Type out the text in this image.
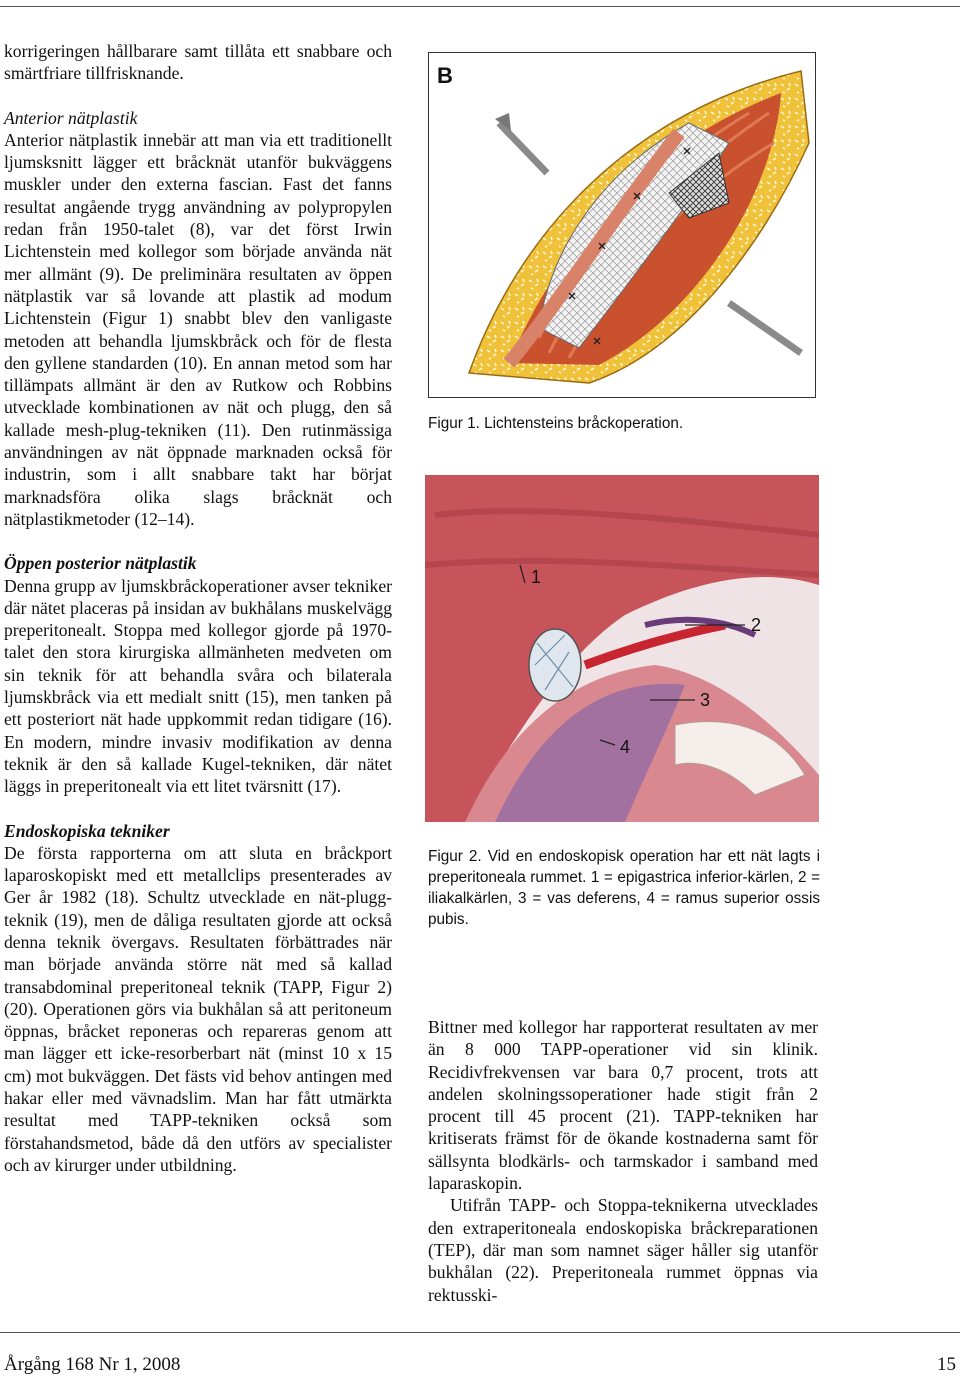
korrigeringen hållbarare samt tillåta ett snabbare och smärtfriare tillfrisknande.

Anterior nätplastik

Anterior nätplastik innebär att man via ett traditionellt ljumsksnitt lägger ett bråcknät utanför bukväggens muskler under den externa fascian. Fast det fanns resultat angående trygg användning av polypropylen redan från 1950-talet (8), var det först Irwin Lichtenstein med kollegor som började använda nät mer allmänt (9). De preliminära resultaten av öppen nätplastik var så lovande att plastik ad modum Lichtenstein (Figur 1) snabbt blev den vanligaste metoden att behandla ljumskbråck och för de flesta den gyllene standarden (10). En annan metod som har tillämpats allmänt är den av Rutkow och Robbins utvecklade kombinationen av nät och plugg, den så kallade mesh-plug-tekniken (11). Den rutinmässiga användningen av nät öppnade marknaden också för industrin, som i allt snabbare takt har börjat marknadsföra olika slags bråcknät och nätplastikmetoder (12–14).

Öppen posterior nätplastik

Denna grupp av ljumskbråckoperationer avser tekniker där nätet placeras på insidan av bukhålans muskelvägg preperitonealt. Stoppa med kollegor gjorde på 1970-talet den stora kirurgiska allmänheten medveten om sin teknik för att behandla svåra och bilaterala ljumskbråck via ett medialt snitt (15), men tanken på ett posteriort nät hade uppkommit redan tidigare (16). En modern, mindre invasiv modifikation av denna teknik är den så kallade Kugel-tekniken, där nätet läggs in preperitonealt via ett litet tvärsnitt (17).

Endoskopiska tekniker

De första rapporterna om att sluta en bråckport laparoskopiskt med ett metallclips presenterades av Ger år 1982 (18). Schultz utvecklade en nät-plugg-teknik (19), men de dåliga resultaten gjorde att också denna teknik övergavs. Resultaten förbättrades när man började använda större nät med så kallad transabdominal preperitoneal teknik (TAPP, Figur 2) (20). Operationen görs via bukhålan så att peritoneum öppnas, bråcket reponeras och repareras genom att man lägger ett icke-resorberbart nät (minst 10 x 15 cm) mot bukväggen. Det fästs vid behov antingen med hakar eller med vävnadslim. Man har fått utmärkta resultat med TAPP-tekniken också som förstahandsmetod, både då den utförs av specialister och av kirurger under utbildning.

B

Figur 1. Lichtensteins bråckoperation.

1
2
3
4

Figur 2. Vid en endoskopisk operation har ett nät lagts i preperitoneala rummet. 1 = epigastrica inferior-kärlen, 2 = iliakalkärlen, 3 = vas deferens, 4 = ramus superior ossis pubis.

Bittner med kollegor har rapporterat resultaten av mer än 8 000 TAPP-operationer vid sin klinik. Recidivfrekvensen var bara 0,7 procent, trots att andelen skolningssoperationer hade stigit från 2 procent till 45 procent (21). TAPP-tekniken har kritiserats främst för de ökande kostnaderna samt för sällsynta blodkärls- och tarmskador i samband med laparaskopin.

Utifrån TAPP- och Stoppa-teknikerna utvecklades den extraperitoneala endoskopiska bråckreparationen (TEP), där man som namnet säger håller sig utanför bukhålan (22). Preperitoneala rummet öppnas via rektusski-

Årgång 168 Nr 1, 2008	15
